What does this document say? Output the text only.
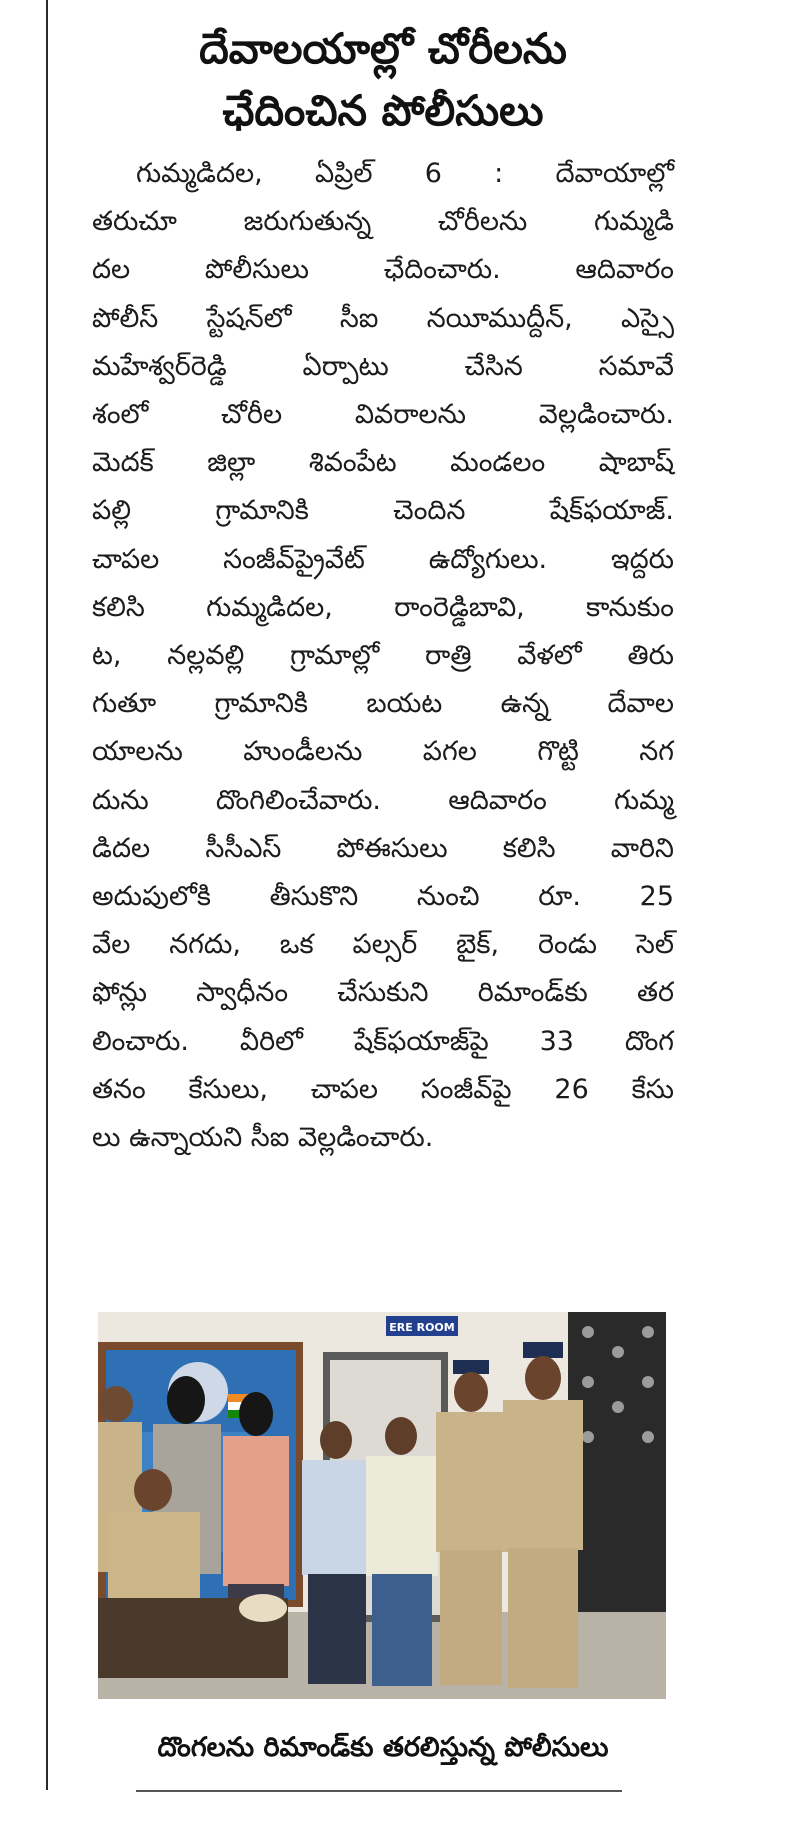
దేవాలయాల్లో చోరీలను
ఛేదించిన పోలీసులు
గుమ్మడిదల, ఏప్రిల్ 6 : దేవాయాల్లో
తరుచూ జరుగుతున్న చోరీలను గుమ్మడి
దల పోలీసులు ఛేదించారు. ఆదివారం
పోలీస్ స్టేషన్‌లో సీఐ నయీముద్దీన్, ఎస్సై
మహేశ్వర్‌రెడ్డి ఏర్పాటు చేసిన సమావే
శంలో చోరీల వివరాలను వెల్లడించారు.
మెదక్ జిల్లా శివంపేట మండలం షాబాష్
పల్లి గ్రామానికి చెందిన షేక్‌ఫయాజ్.
చాపల సంజీవ్‌ప్రైవేట్ ఉద్యోగులు. ఇద్దరు
కలిసి గుమ్మడిదల, రాంరెడ్డిబావి, కానుకుం
ట, నల్లవల్లి గ్రామాల్లో రాత్రి వేళలో తిరు
గుతూ గ్రామానికి బయట ఉన్న దేవాల
యాలను హుండీలను పగల గొట్టి నగ
దును దొంగిలించేవారు. ఆదివారం గుమ్మ
డిదల సీసీఎస్ పోఈసులు కలిసి వారిని
అదుపులోకి తీసుకొని నుంచి రూ. 25
వేల నగదు, ఒక పల్సర్ బైక్, రెండు సెల్
ఫోన్లు స్వాధీనం చేసుకుని రిమాండ్‌కు తర
లించారు. వీరిలో షేక్‌ఫయాజ్‌పై 33 దొంగ
తనం కేసులు, చాపల సంజీవ్‌పై 26 కేసు
లు ఉన్నాయని సీఐ వెల్లడించారు.
ERE ROOM
దొంగలను రిమాండ్‌కు తరలిస్తున్న పోలీసులు
